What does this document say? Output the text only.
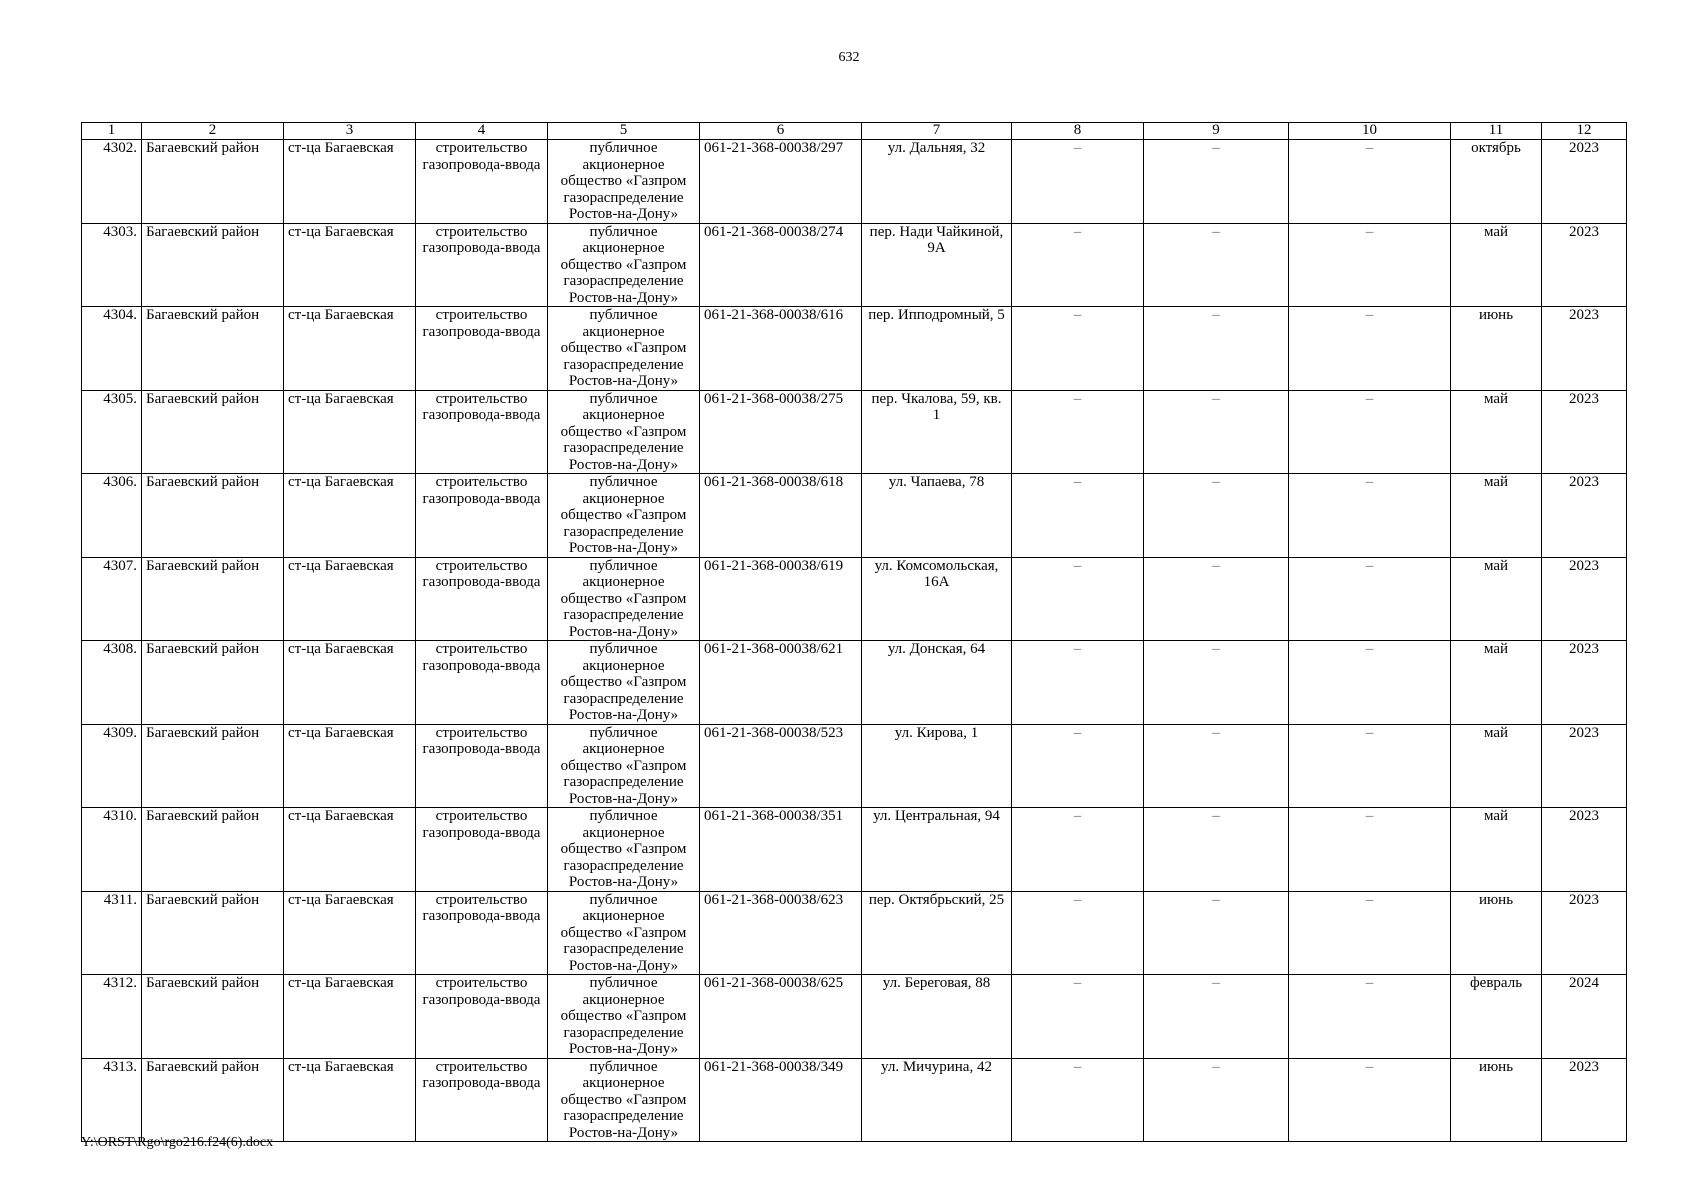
632
1	2	3	4	5	6	7	8	9	10	11	12
4302.	Багаевский район	ст-ца Багаевская	строительство газопровода-ввода	публичное акционерное общество «Газпром газораспределение Ростов-на-Дону»	061-21-368-00038/297	ул. Дальняя, 32	–	–	–	октябрь	2023
4303.	Багаевский район	ст-ца Багаевская	строительство газопровода-ввода	публичное акционерное общество «Газпром газораспределение Ростов-на-Дону»	061-21-368-00038/274	пер. Нади Чайкиной, 9А	–	–	–	май	2023
4304.	Багаевский район	ст-ца Багаевская	строительство газопровода-ввода	публичное акционерное общество «Газпром газораспределение Ростов-на-Дону»	061-21-368-00038/616	пер. Ипподромный, 5	–	–	–	июнь	2023
4305.	Багаевский район	ст-ца Багаевская	строительство газопровода-ввода	публичное акционерное общество «Газпром газораспределение Ростов-на-Дону»	061-21-368-00038/275	пер. Чкалова, 59, кв. 1	–	–	–	май	2023
4306.	Багаевский район	ст-ца Багаевская	строительство газопровода-ввода	публичное акционерное общество «Газпром газораспределение Ростов-на-Дону»	061-21-368-00038/618	ул. Чапаева, 78	–	–	–	май	2023
4307.	Багаевский район	ст-ца Багаевская	строительство газопровода-ввода	публичное акционерное общество «Газпром газораспределение Ростов-на-Дону»	061-21-368-00038/619	ул. Комсомольская, 16А	–	–	–	май	2023
4308.	Багаевский район	ст-ца Багаевская	строительство газопровода-ввода	публичное акционерное общество «Газпром газораспределение Ростов-на-Дону»	061-21-368-00038/621	ул. Донская, 64	–	–	–	май	2023
4309.	Багаевский район	ст-ца Багаевская	строительство газопровода-ввода	публичное акционерное общество «Газпром газораспределение Ростов-на-Дону»	061-21-368-00038/523	ул. Кирова, 1	–	–	–	май	2023
4310.	Багаевский район	ст-ца Багаевская	строительство газопровода-ввода	публичное акционерное общество «Газпром газораспределение Ростов-на-Дону»	061-21-368-00038/351	ул. Центральная, 94	–	–	–	май	2023
4311.	Багаевский район	ст-ца Багаевская	строительство газопровода-ввода	публичное акционерное общество «Газпром газораспределение Ростов-на-Дону»	061-21-368-00038/623	пер. Октябрьский, 25	–	–	–	июнь	2023
4312.	Багаевский район	ст-ца Багаевская	строительство газопровода-ввода	публичное акционерное общество «Газпром газораспределение Ростов-на-Дону»	061-21-368-00038/625	ул. Береговая, 88	–	–	–	февраль	2024
4313.	Багаевский район	ст-ца Багаевская	строительство газопровода-ввода	публичное акционерное общество «Газпром газораспределение Ростов-на-Дону»	061-21-368-00038/349	ул. Мичурина, 42	–	–	–	июнь	2023
Y:\ORST\Rgo\rgo216.f24(6).docx
